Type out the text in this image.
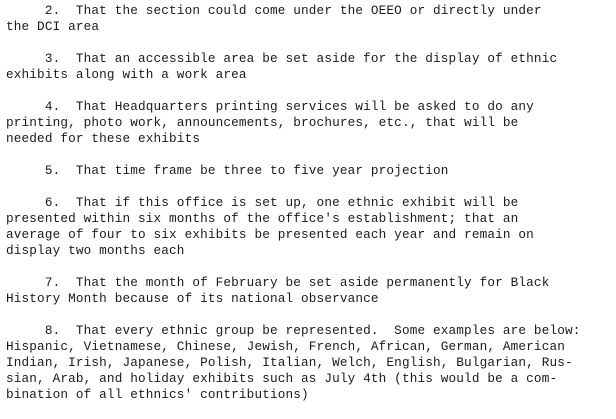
2.  That the section could come under the OEEO or directly under
the DCI area
3.  That an accessible area be set aside for the display of ethnic
exhibits along with a work area
4.  That Headquarters printing services will be asked to do any
printing, photo work, announcements, brochures, etc., that will be
needed for these exhibits
5.  That time frame be three to five year projection
6.  That if this office is set up, one ethnic exhibit will be
presented within six months of the office's establishment; that an
average of four to six exhibits be presented each year and remain on
display two months each
7.  That the month of February be set aside permanently for Black
History Month because of its national observance
8.  That every ethnic group be represented.  Some examples are below:
Hispanic, Vietnamese, Chinese, Jewish, French, African, German, American
Indian, Irish, Japanese, Polish, Italian, Welch, English, Bulgarian, Rus-
sian, Arab, and holiday exhibits such as July 4th (this would be a com-
bination of all ethnics' contributions)
